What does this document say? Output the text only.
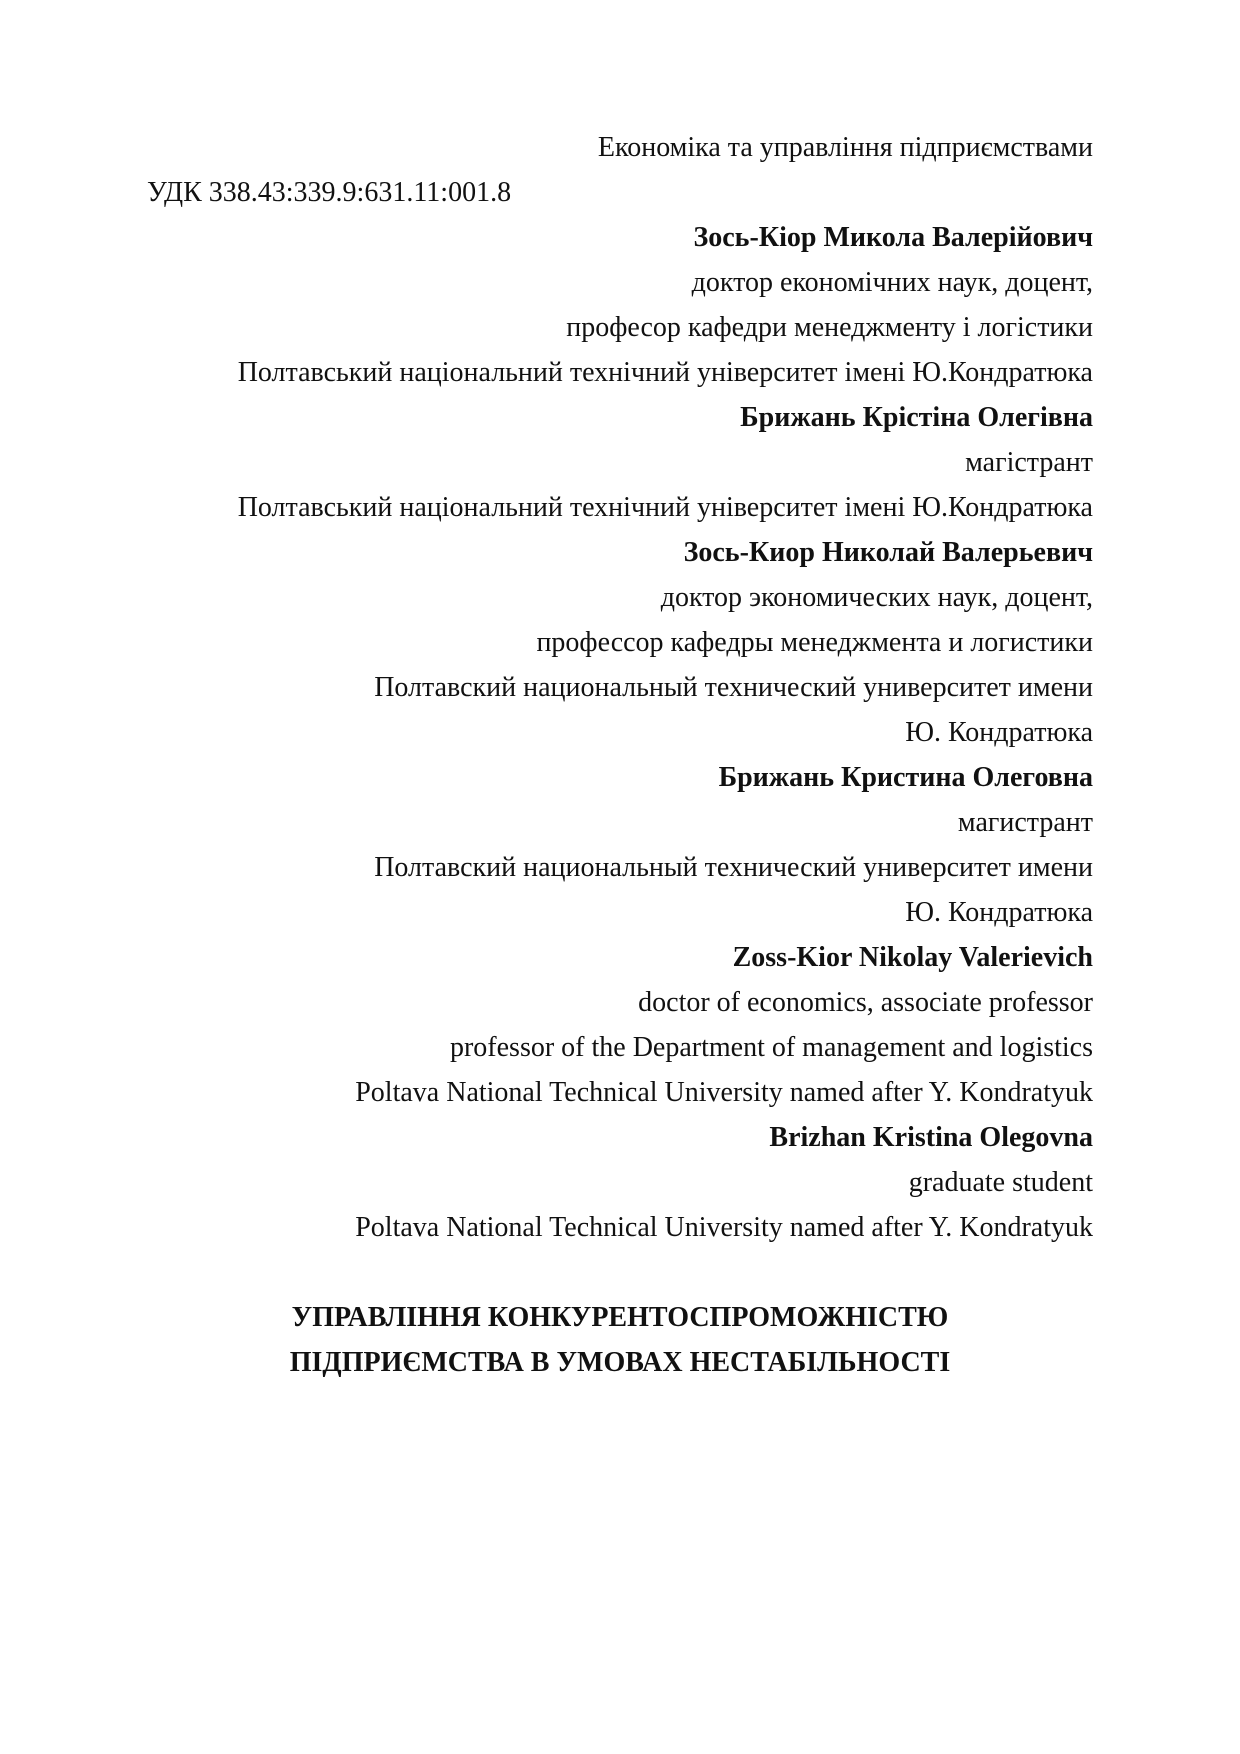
Економіка та управління підприємствами
УДК 338.43:339.9:631.11:001.8
Зось-Кіор Микола Валерійович
доктор економічних наук, доцент,
професор кафедри менеджменту і логістики
Полтавський національний технічний університет імені Ю.Кондратюка
Брижань Крістіна Олегівна
магістрант
Полтавський національний технічний університет імені Ю.Кондратюка
Зось-Киор Николай Валерьевич
доктор экономических наук, доцент,
профессор кафедры менеджмента и логистики
Полтавский национальный технический университет имени
Ю. Кондратюка
Брижань Кристина Олеговна
магистрант
Полтавский национальный технический университет имени
Ю. Кондратюка
Zoss-Kior Nikolay Valerievich
doctor of economics, associate professor
professor of the Department of management and logistics
Poltava National Technical University named after Y. Kondratyuk
Brizhan Kristina Olegovna
graduate student
Poltava National Technical University named after Y. Kondratyuk
УПРАВЛІННЯ КОНКУРЕНТОСПРОМОЖНІСТЮ
ПІДПРИЄМСТВА В УМОВАХ НЕСТАБІЛЬНОСТІ
